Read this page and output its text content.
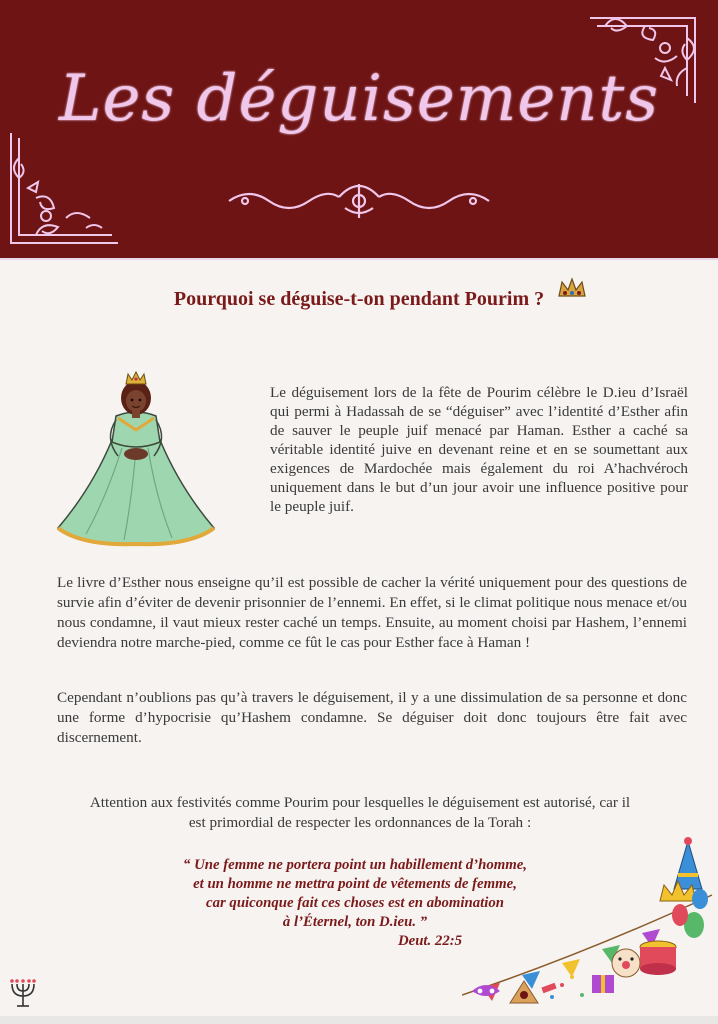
Les déguisements
Pourquoi se déguise-t-on pendant Pourim ?
Le déguisement lors de la fête de Pourim célèbre le D.ieu d’Israël qui permi à Hadassah de se “déguiser” avec l’identité d’Esther afin de sauver le peuple juif menacé par Haman. Esther a caché sa véritable identité juive en devenant reine et en se soumettant aux exigences de Mardochée mais également du roi A’hachvéroch uniquement dans le but d’un jour avoir une influence positive pour le peuple juif.
Le livre d’Esther nous enseigne qu’il est possible de cacher la vérité uniquement pour des questions de survie afin d’éviter de devenir prisonnier de l’ennemi. En effet, si le climat politique nous menace et/ou nous condamne, il vaut mieux rester caché un temps. Ensuite, au moment choisi par Hashem, l’ennemi deviendra notre marche-pied, comme ce fût le cas pour Esther face à Haman !
Cependant n’oublions pas qu’à travers le déguisement, il y a une dissimulation de sa personne et donc une forme d’hypocrisie qu’Hashem condamne. Se déguiser doit donc toujours être fait avec discernement.
Attention aux festivités comme Pourim pour lesquelles le déguisement est autorisé, car il est primordial de respecter les ordonnances de la Torah :
“ Une femme ne portera point un habillement d’homme,
et un homme ne mettra point de vêtements de femme,
car quiconque fait ces choses est en abomination
à l’Éternel, ton D.ieu. ”
Deut. 22:5
